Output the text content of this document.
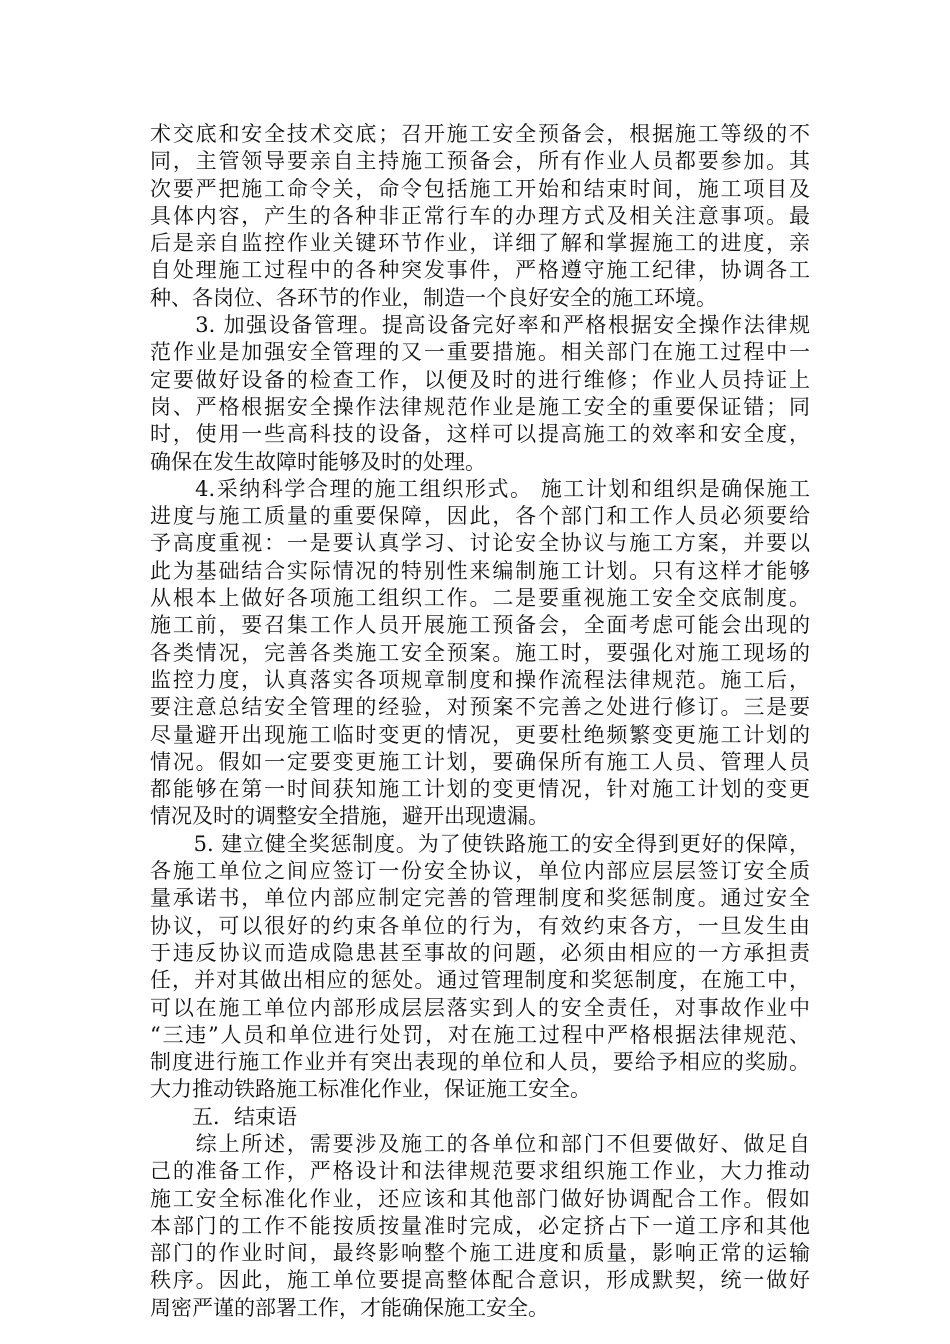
术交底和安全技术交底；召开施工安全预备会，根据施工等级的不
同，主管领导要亲自主持施工预备会，所有作业人员都要参加。其
次要严把施工命令关，命令包括施工开始和结束时间，施工项目及
具体内容，产生的各种非正常行车的办理方式及相关注意事项。最
后是亲自监控作业关键环节作业，详细了解和掌握施工的进度，亲
自处理施工过程中的各种突发事件，严格遵守施工纪律，协调各工
种、各岗位、各环节的作业，制造一个良好安全的施工环境。
　　3. 加强设备管理。提高设备完好率和严格根据安全操作法律规
范作业是加强安全管理的又一重要措施。相关部门在施工过程中一
定要做好设备的检查工作，以便及时的进行维修；作业人员持证上
岗、严格根据安全操作法律规范作业是施工安全的重要保证错；同
时，使用一些高科技的设备，这样可以提高施工的效率和安全度，
确保在发生故障时能够及时的处理。
　　4.采纳科学合理的施工组织形式。 施工计划和组织是确保施工
进度与施工质量的重要保障，因此，各个部门和工作人员必须要给
予高度重视：一是要认真学习、讨论安全协议与施工方案，并要以
此为基础结合实际情况的特别性来编制施工计划。只有这样才能够
从根本上做好各项施工组织工作。二是要重视施工安全交底制度。
施工前，要召集工作人员开展施工预备会，全面考虑可能会出现的
各类情况，完善各类施工安全预案。施工时，要强化对施工现场的
监控力度，认真落实各项规章制度和操作流程法律规范。施工后，
要注意总结安全管理的经验，对预案不完善之处进行修订。三是要
尽量避开出现施工临时变更的情况，更要杜绝频繁变更施工计划的
情况。假如一定要变更施工计划，要确保所有施工人员、管理人员
都能够在第一时间获知施工计划的变更情况，针对施工计划的变更
情况及时的调整安全措施，避开出现遗漏。
　　5. 建立健全奖惩制度。为了使铁路施工的安全得到更好的保障，
各施工单位之间应签订一份安全协议，单位内部应层层签订安全质
量承诺书，单位内部应制定完善的管理制度和奖惩制度。通过安全
协议，可以很好的约束各单位的行为，有效约束各方，一旦发生由
于违反协议而造成隐患甚至事故的问题，必须由相应的一方承担责
任，并对其做出相应的惩处。通过管理制度和奖惩制度，在施工中，
可以在施工单位内部形成层层落实到人的安全责任，对事故作业中
“三违”人员和单位进行处罚，对在施工过程中严格根据法律规范、
制度进行施工作业并有突出表现的单位和人员，要给予相应的奖励。
大力推动铁路施工标准化作业，保证施工安全。
　　五．结束语
　　综上所述，需要涉及施工的各单位和部门不但要做好、做足自
己的准备工作，严格设计和法律规范要求组织施工作业，大力推动
施工安全标准化作业，还应该和其他部门做好协调配合工作。假如
本部门的工作不能按质按量准时完成，必定挤占下一道工序和其他
部门的作业时间，最终影响整个施工进度和质量，影响正常的运输
秩序。因此，施工单位要提高整体配合意识，形成默契，统一做好
周密严谨的部署工作，才能确保施工安全。
